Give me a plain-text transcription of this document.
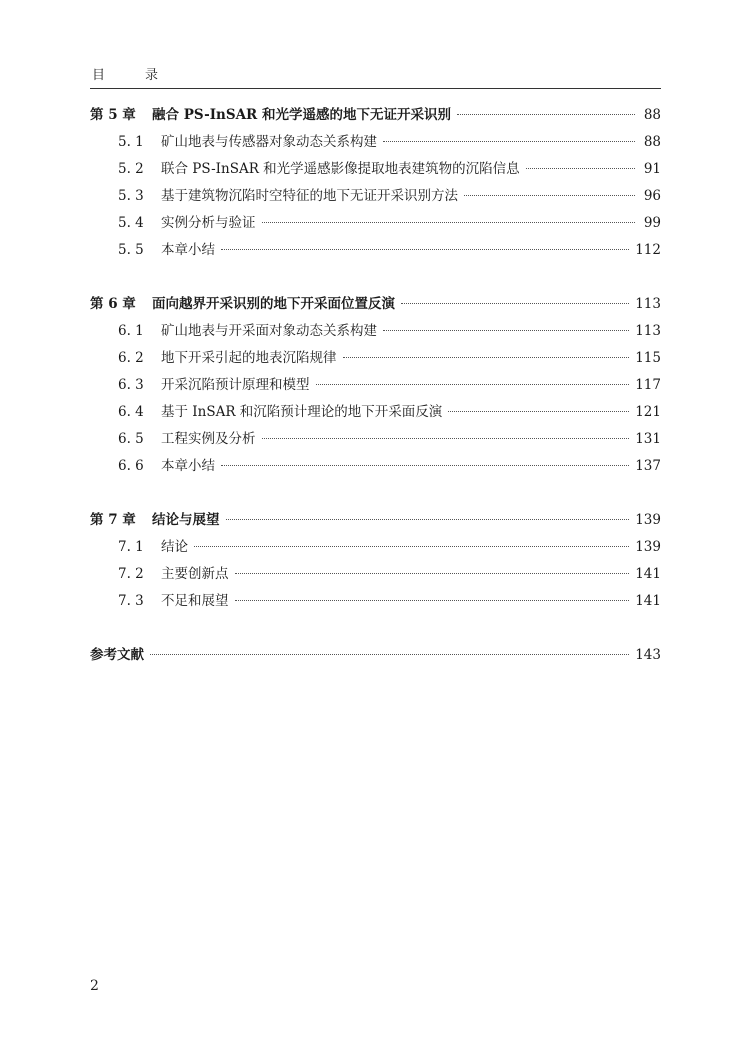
目	录
第 5 章	融合 PS-InSAR 和光学遥感的地下无证开采识别	88
5. 1	矿山地表与传感器对象动态关系构建	88
5. 2	联合 PS-InSAR 和光学遥感影像提取地表建筑物的沉陷信息	91
5. 3	基于建筑物沉陷时空特征的地下无证开采识别方法	96
5. 4	实例分析与验证	99
5. 5	本章小结	112
第 6 章	面向越界开采识别的地下开采面位置反演	113
6. 1	矿山地表与开采面对象动态关系构建	113
6. 2	地下开采引起的地表沉陷规律	115
6. 3	开采沉陷预计原理和模型	117
6. 4	基于 InSAR 和沉陷预计理论的地下开采面反演	121
6. 5	工程实例及分析	131
6. 6	本章小结	137
第 7 章	结论与展望	139
7. 1	结论	139
7. 2	主要创新点	141
7. 3	不足和展望	141
参考文献	143
2
